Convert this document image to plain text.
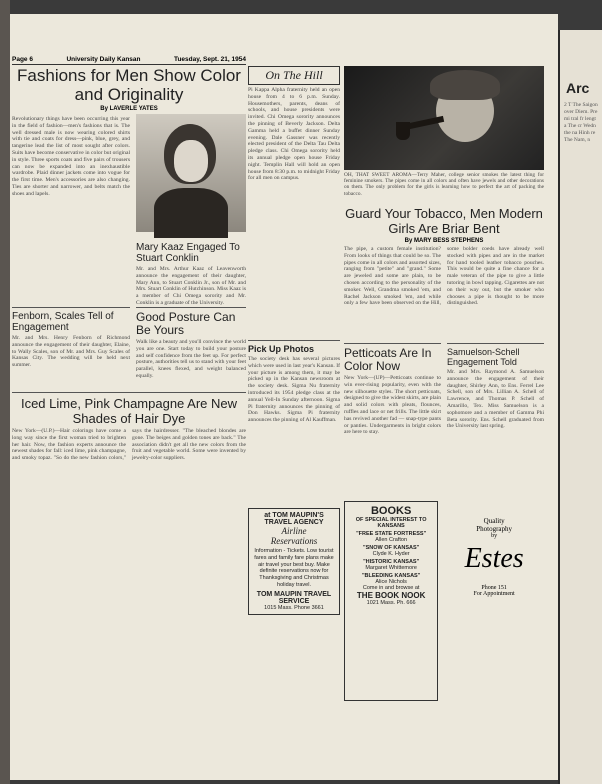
Arc
2 T The Saigon over Diem. Premi tral fr lengta The cr Wedn the na Hinh re The Nam, n
Page 6	University Daily Kansan	Tuesday, Sept. 21, 1954
Fashions for Men Show Color and Originality
By LAVERLE YATES

Revolutionary things have been occurring this year in the field of fashion—men's fashions that is. The well dressed male is now wearing colored shirts with tie and coats for dress—pink, blue, grey, and tangerine lead the list of most sought after colors. Suits have become conservative in color but original in style. Three sports coats and five pairs of trousers can now be expanded into an inexhaustible wardrobe. Plaid dinner jackets come into vogue for the first time. Men's accessories are also changing. Ties are shorter and narrower, and belts match the shoes and lapels.

Mary Kaaz Engaged To Stuart Conklin

Mr. and Mrs. Arthur Kaaz of Leavenworth announce the engagement of their daughter, Mary Ann, to Stuart Conklin Jr., son of Mr. and Mrs. Stuart Conklin of Hutchinson. Miss Kaaz is a member of Chi Omega sorority and Mr. Conklin is a graduate of the University.

Fenborn, Scales Tell of Engagement

Mr. and Mrs. Henry Fenborn of Richmond announce the engagement of their daughter, Elaine, to Wally Scales, son of Mr. and Mrs. Guy Scales of Kansas City. The wedding will be held next summer.

Good Posture Can Be Yours

Walk like a beauty and you'll convince the world you are one. Start today to build your posture and self confidence from the feet up. For perfect posture, authorities tell us to stand with your feet parallel, knees flexed, and weight balanced equally.

Iced Lime, Pink Champagne Are New Shades of Hair Dye

New York—(U.P.)—Hair colorings have come a long way since the first woman tried to brighten her hair. Now, the fashion experts announce the newest shades for fall: iced lime, pink champagne, and smoky topaz. "So do the new fashion colors," says the hairdresser. "The bleached blondes are gone. The beiges and golden tones are back." The association didn't get all the new colors from the fruit and vegetable world. Some were invented by jewelry-color suppliers.

On The Hill

Pi Kappa Alpha fraternity held an open house from 4 to 6 p.m. Sunday. Housemothers, parents, deans of schools, and house presidents were invited. Chi Omega sorority announces the pinning of Beverly Jackson. Delta Gamma held a buffet dinner Sunday evening. Dale Gassner was recently elected president of the Delta Tau Delta pledge class. Chi Omega sorority held its annual pledge open house Friday night. Templin Hall will hold an open house from 8:30 p.m. to midnight Friday for all men on campus.

Pick Up Photos

The society desk has several pictures which were used in last year's Kansan. If your picture is among them, it may be picked up in the Kansan newsroom at the society desk. Sigma Nu fraternity introduced its 1954 pledge class at the annual Yell-In Sunday afternoon. Sigma Pi fraternity announces the pinning of Don Hawks. Sigma Pi fraternity announces the pinning of Al Kauffman.

at TOM MAUPIN'S
TRAVEL AGENCY
Airline
Reservations
Information - Tickets. Low tourist fares and family fare plans make air travel your best buy. Make definite reservations now for Thanksgiving and Christmas holiday travel.
TOM MAUPIN TRAVEL SERVICE
1015 Mass. Phone 3661

OH, THAT SWEET AROMA—Terry Maher, college senior smokes the latest thing for feminine smokers. The pipes come in all colors and often have jewels and other decorations on them. The only problem for the girls is learning how to perfect the art of packing the tobacco.

Guard Your Tobacco, Men Modern Girls Are Briar Bent
By MARY BESS STEPHENS

The pipe, a custom female institution? From looks of things that could be so. The pipes come in all colors and assorted sizes, ranging from "petite" and "grand." Some are jeweled and some are plain, to be chosen according to the personality of the smoker. Well, Grandma smoked 'em, and Rachel Jackson smoked 'em, and while only a few have been observed on the Hill, some bolder coeds have already well stocked with pipes and are in the market for hand tooled leather tobacco pouches. This would be quite a fine chance for a male veteran of the pipe to give a little tutoring in bowl tapping. Cigarettes are not on their way out, but the smoker who chooses a pipe is thought to be more distinguished.

Petticoats Are In Color Now

New York—(UP)—Petticoats continue to win ever-rising popularity, even with the new silhouette styles. The short petticoats, designed to give the widest skirts, are plain and solid colors with pleats, flounces, ruffles and lace or net frills. The little skirt has revived another fad — snap-type pants or panties. Undergarments in bright colors are here to stay.

Samuelson-Schell Engagement Told

Mr. and Mrs. Raymond A. Samuelson announce the engagement of their daughter, Shirley Ann, to Ens. Ferrel Lee Schell, son of Mrs. Lillian A. Schell of Lawrence, and Thomas P. Schell of Amarillo, Tex. Miss Samuelson is a sophomore and a member of Gamma Phi Beta sorority. Ens. Schell graduated from the University last spring.

BOOKS
OF SPECIAL INTEREST TO KANSANS
"FREE STATE FORTRESS"
Allen Crafton
"SNOW OF KANSAS"
Clyde K. Hyder
"HISTORIC KANSAS"
Margaret Whittemore
"BLEEDING KANSAS"
Alice Nichols
Come in and browse at
THE BOOK NOOK
1021 Mass. Ph. 666
Quality
Photography
by
Estes
Phone 151
For Appointment
